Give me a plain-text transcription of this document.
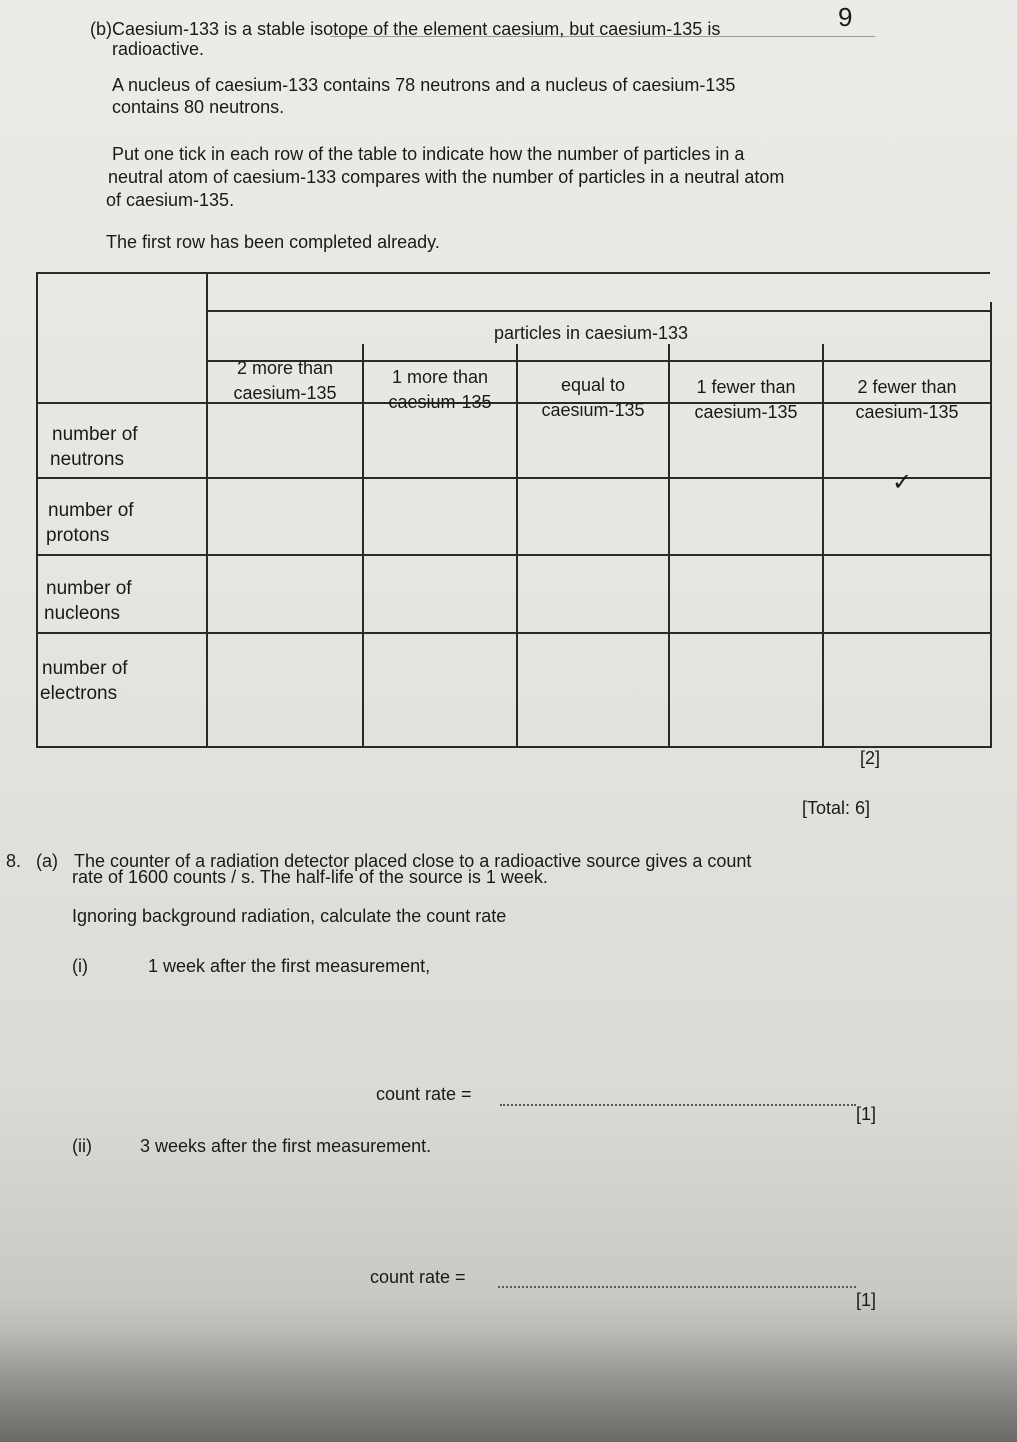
9
(b) Caesium-133 is a stable isotope of the element caesium, but caesium-135 is
radioactive.
A nucleus of caesium-133 contains 78 neutrons and a nucleus of caesium-135
contains 80 neutrons.
Put one tick in each row of the table to indicate how the number of particles in a
neutral atom of caesium-133 compares with the number of particles in a neutral atom
of caesium-135.
The first row has been completed already.
particles in caesium-133
2 more than
caesium-135
1 more than
caesium-135
equal to
caesium-135
1 fewer than
caesium-135
2 fewer than
caesium-135
number of
neutrons
number of
protons
number of
nucleons
number of
electrons
✓
[2]
[Total: 6]
8. (a) The counter of a radiation detector placed close to a radioactive source gives a count
rate of 1600 counts / s. The half-life of the source is 1 week.
Ignoring background radiation, calculate the count rate
(i)	1 week after the first measurement,
count rate =
[1]
(ii)	3 weeks after the first measurement.
count rate =
[1]
